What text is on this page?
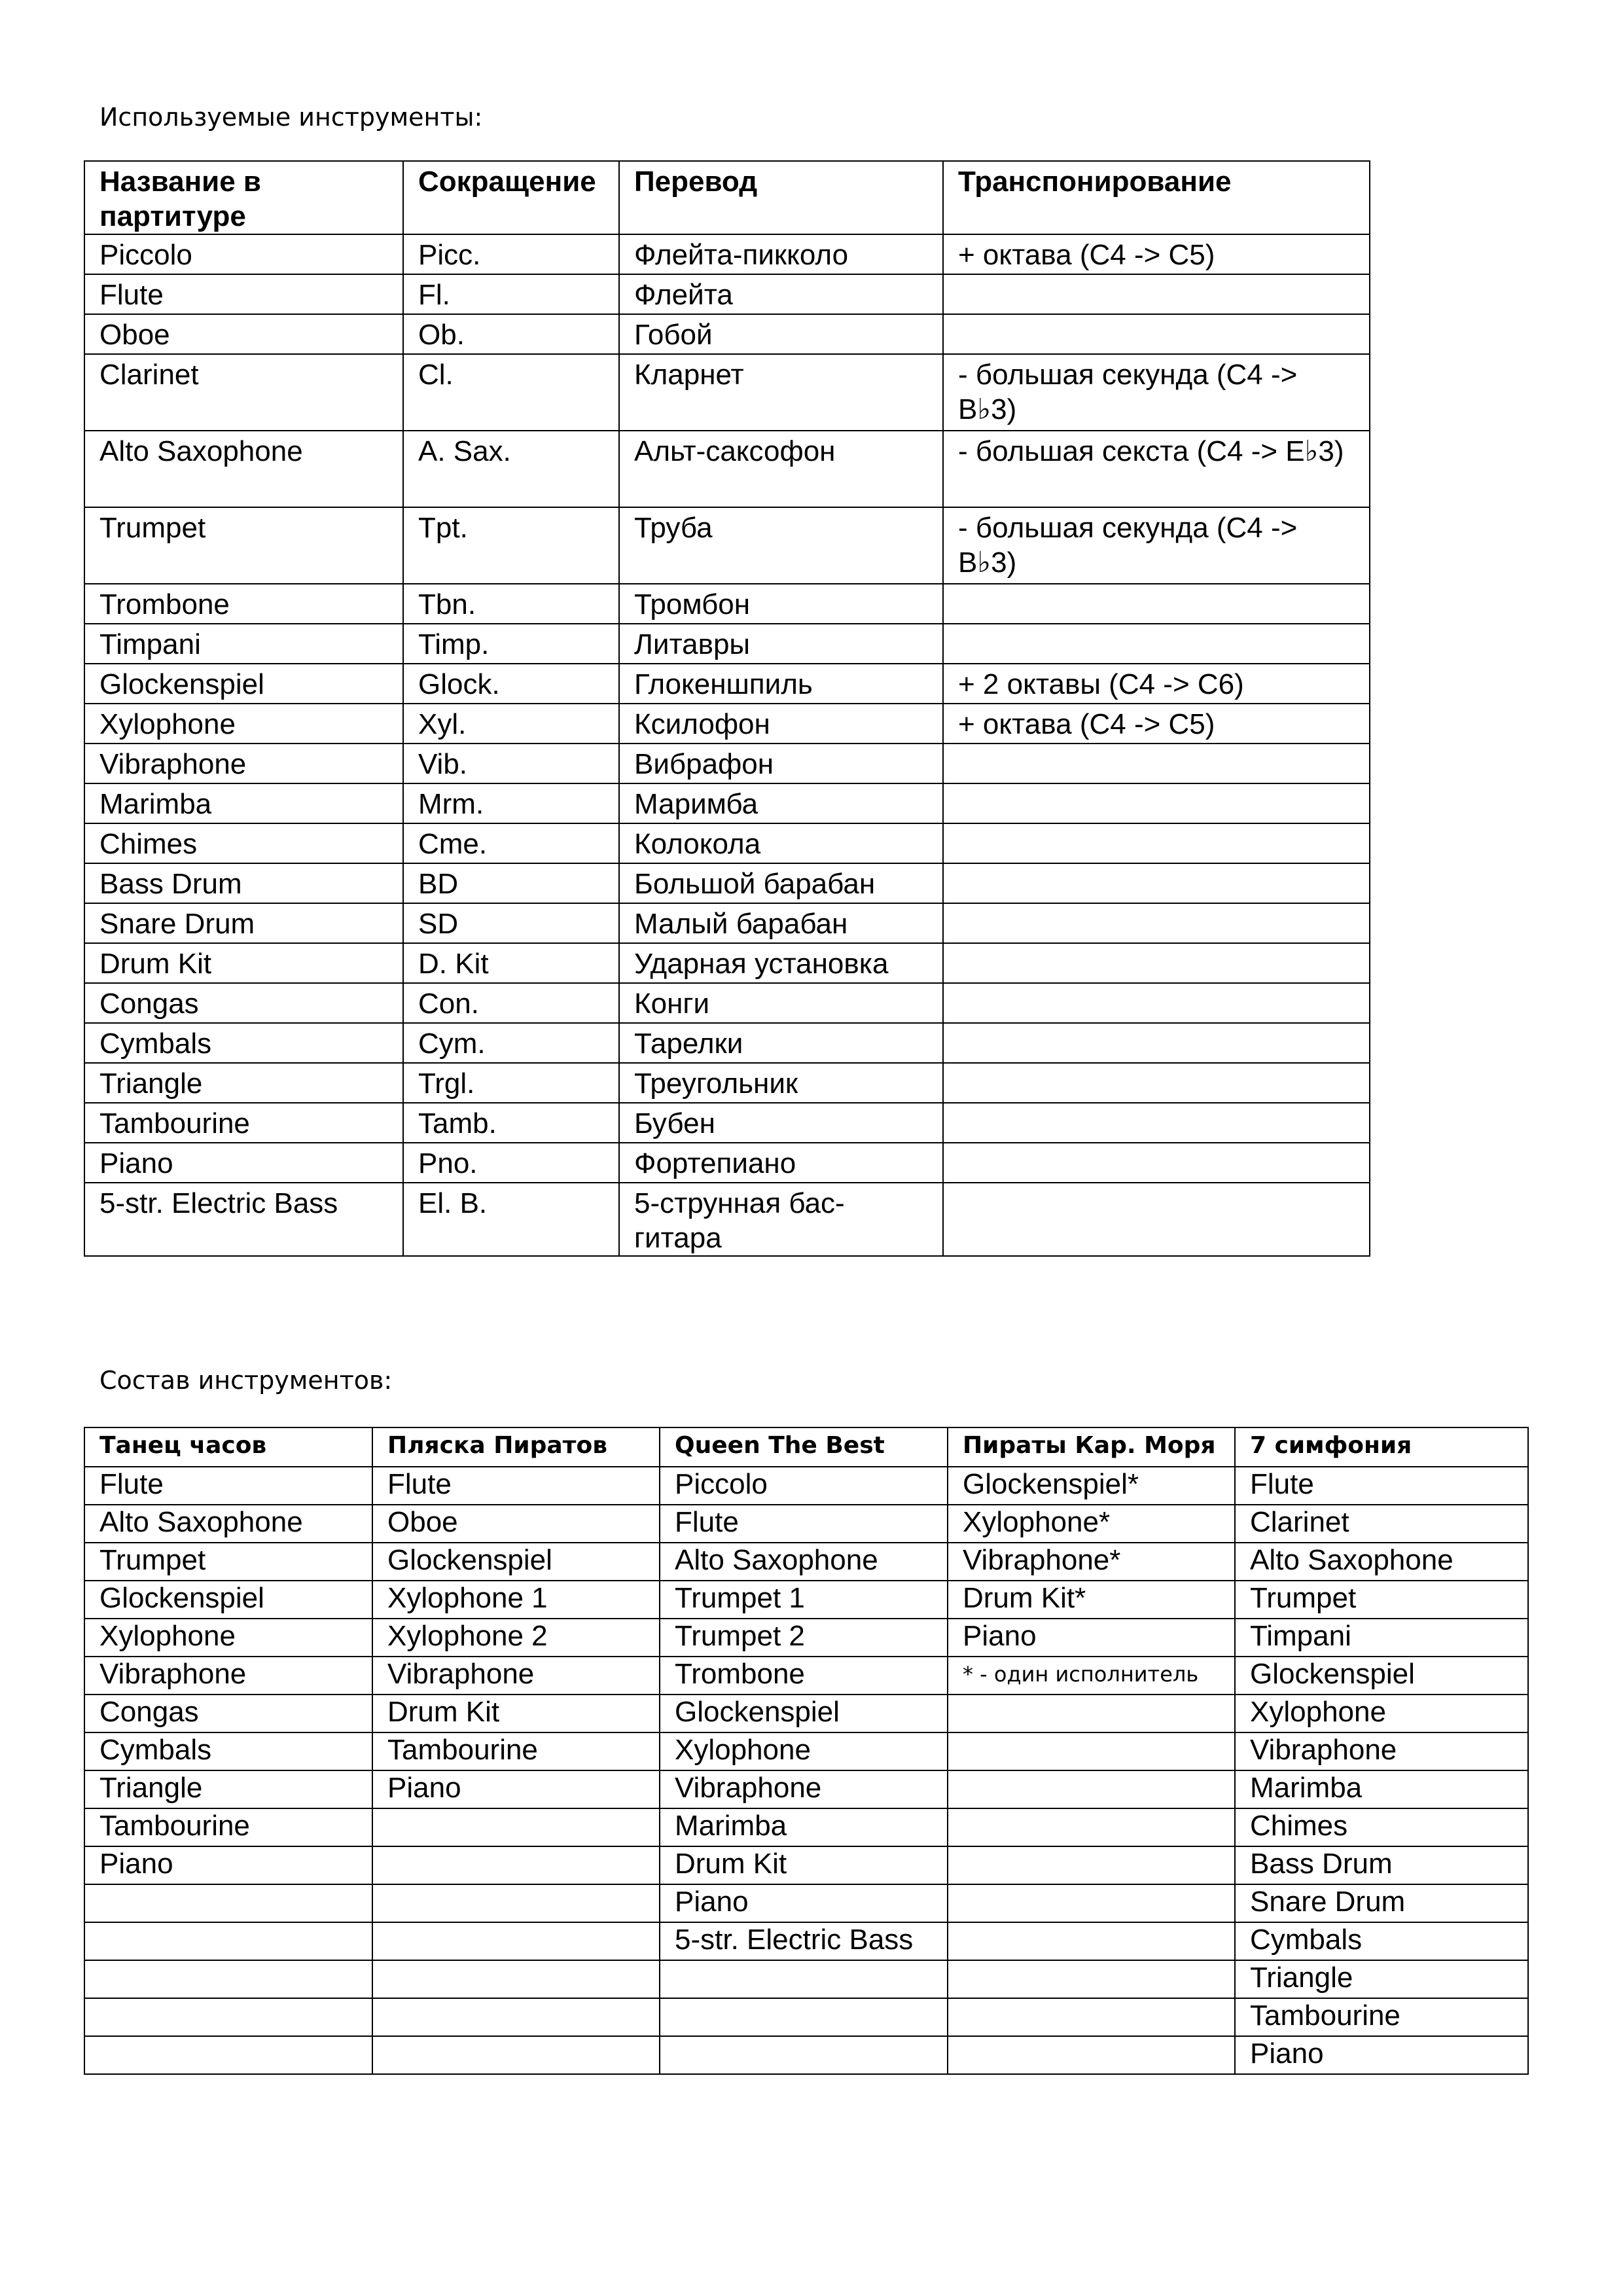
Используемые инструменты:

Название в партитуре	Сокращение	Перевод	Транспонирование
Piccolo	Picc.	Флейта-пикколо	+ октава (C4 -> C5)
Flute	Fl.	Флейта	
Oboe	Ob.	Гобой	
Clarinet	Cl.	Кларнет	- большая секунда (C4 -> B♭3)
Alto Saxophone	A. Sax.	Альт-саксофон	- большая секста (C4 -> E♭3)
Trumpet	Tpt.	Труба	- большая секунда (C4 -> B♭3)
Trombone	Tbn.	Тромбон	
Timpani	Timp.	Литавры	
Glockenspiel	Glock.	Глокеншпиль	+ 2 октавы (C4 -> C6)
Xylophone	Xyl.	Ксилофон	+ октава (C4 -> C5)
Vibraphone	Vib.	Вибрафон	
Marimba	Mrm.	Маримба	
Chimes	Cme.	Колокола	
Bass Drum	BD	Большой барабан	
Snare Drum	SD	Малый барабан	
Drum Kit	D. Kit	Ударная установка	
Congas	Con.	Конги	
Cymbals	Cym.	Тарелки	
Triangle	Trgl.	Треугольник	
Tambourine	Tamb.	Бубен	
Piano	Pno.	Фортепиано	
5-str. Electric Bass	El. B.	5-струнная бас-гитара	

Состав инструментов:

Танец часов	Пляска Пиратов	Queen The Best	Пираты Кар. Моря	7 симфония
Flute	Flute	Piccolo	Glockenspiel*	Flute
Alto Saxophone	Oboe	Flute	Xylophone*	Clarinet
Trumpet	Glockenspiel	Alto Saxophone	Vibraphone*	Alto Saxophone
Glockenspiel	Xylophone 1	Trumpet 1	Drum Kit*	Trumpet
Xylophone	Xylophone 2	Trumpet 2	Piano	Timpani
Vibraphone	Vibraphone	Trombone	* - один исполнитель	Glockenspiel
Congas	Drum Kit	Glockenspiel		Xylophone
Cymbals	Tambourine	Xylophone		Vibraphone
Triangle	Piano	Vibraphone		Marimba
Tambourine		Marimba		Chimes
Piano		Drum Kit		Bass Drum
		Piano		Snare Drum
		5-str. Electric Bass		Cymbals
				Triangle
				Tambourine
				Piano
